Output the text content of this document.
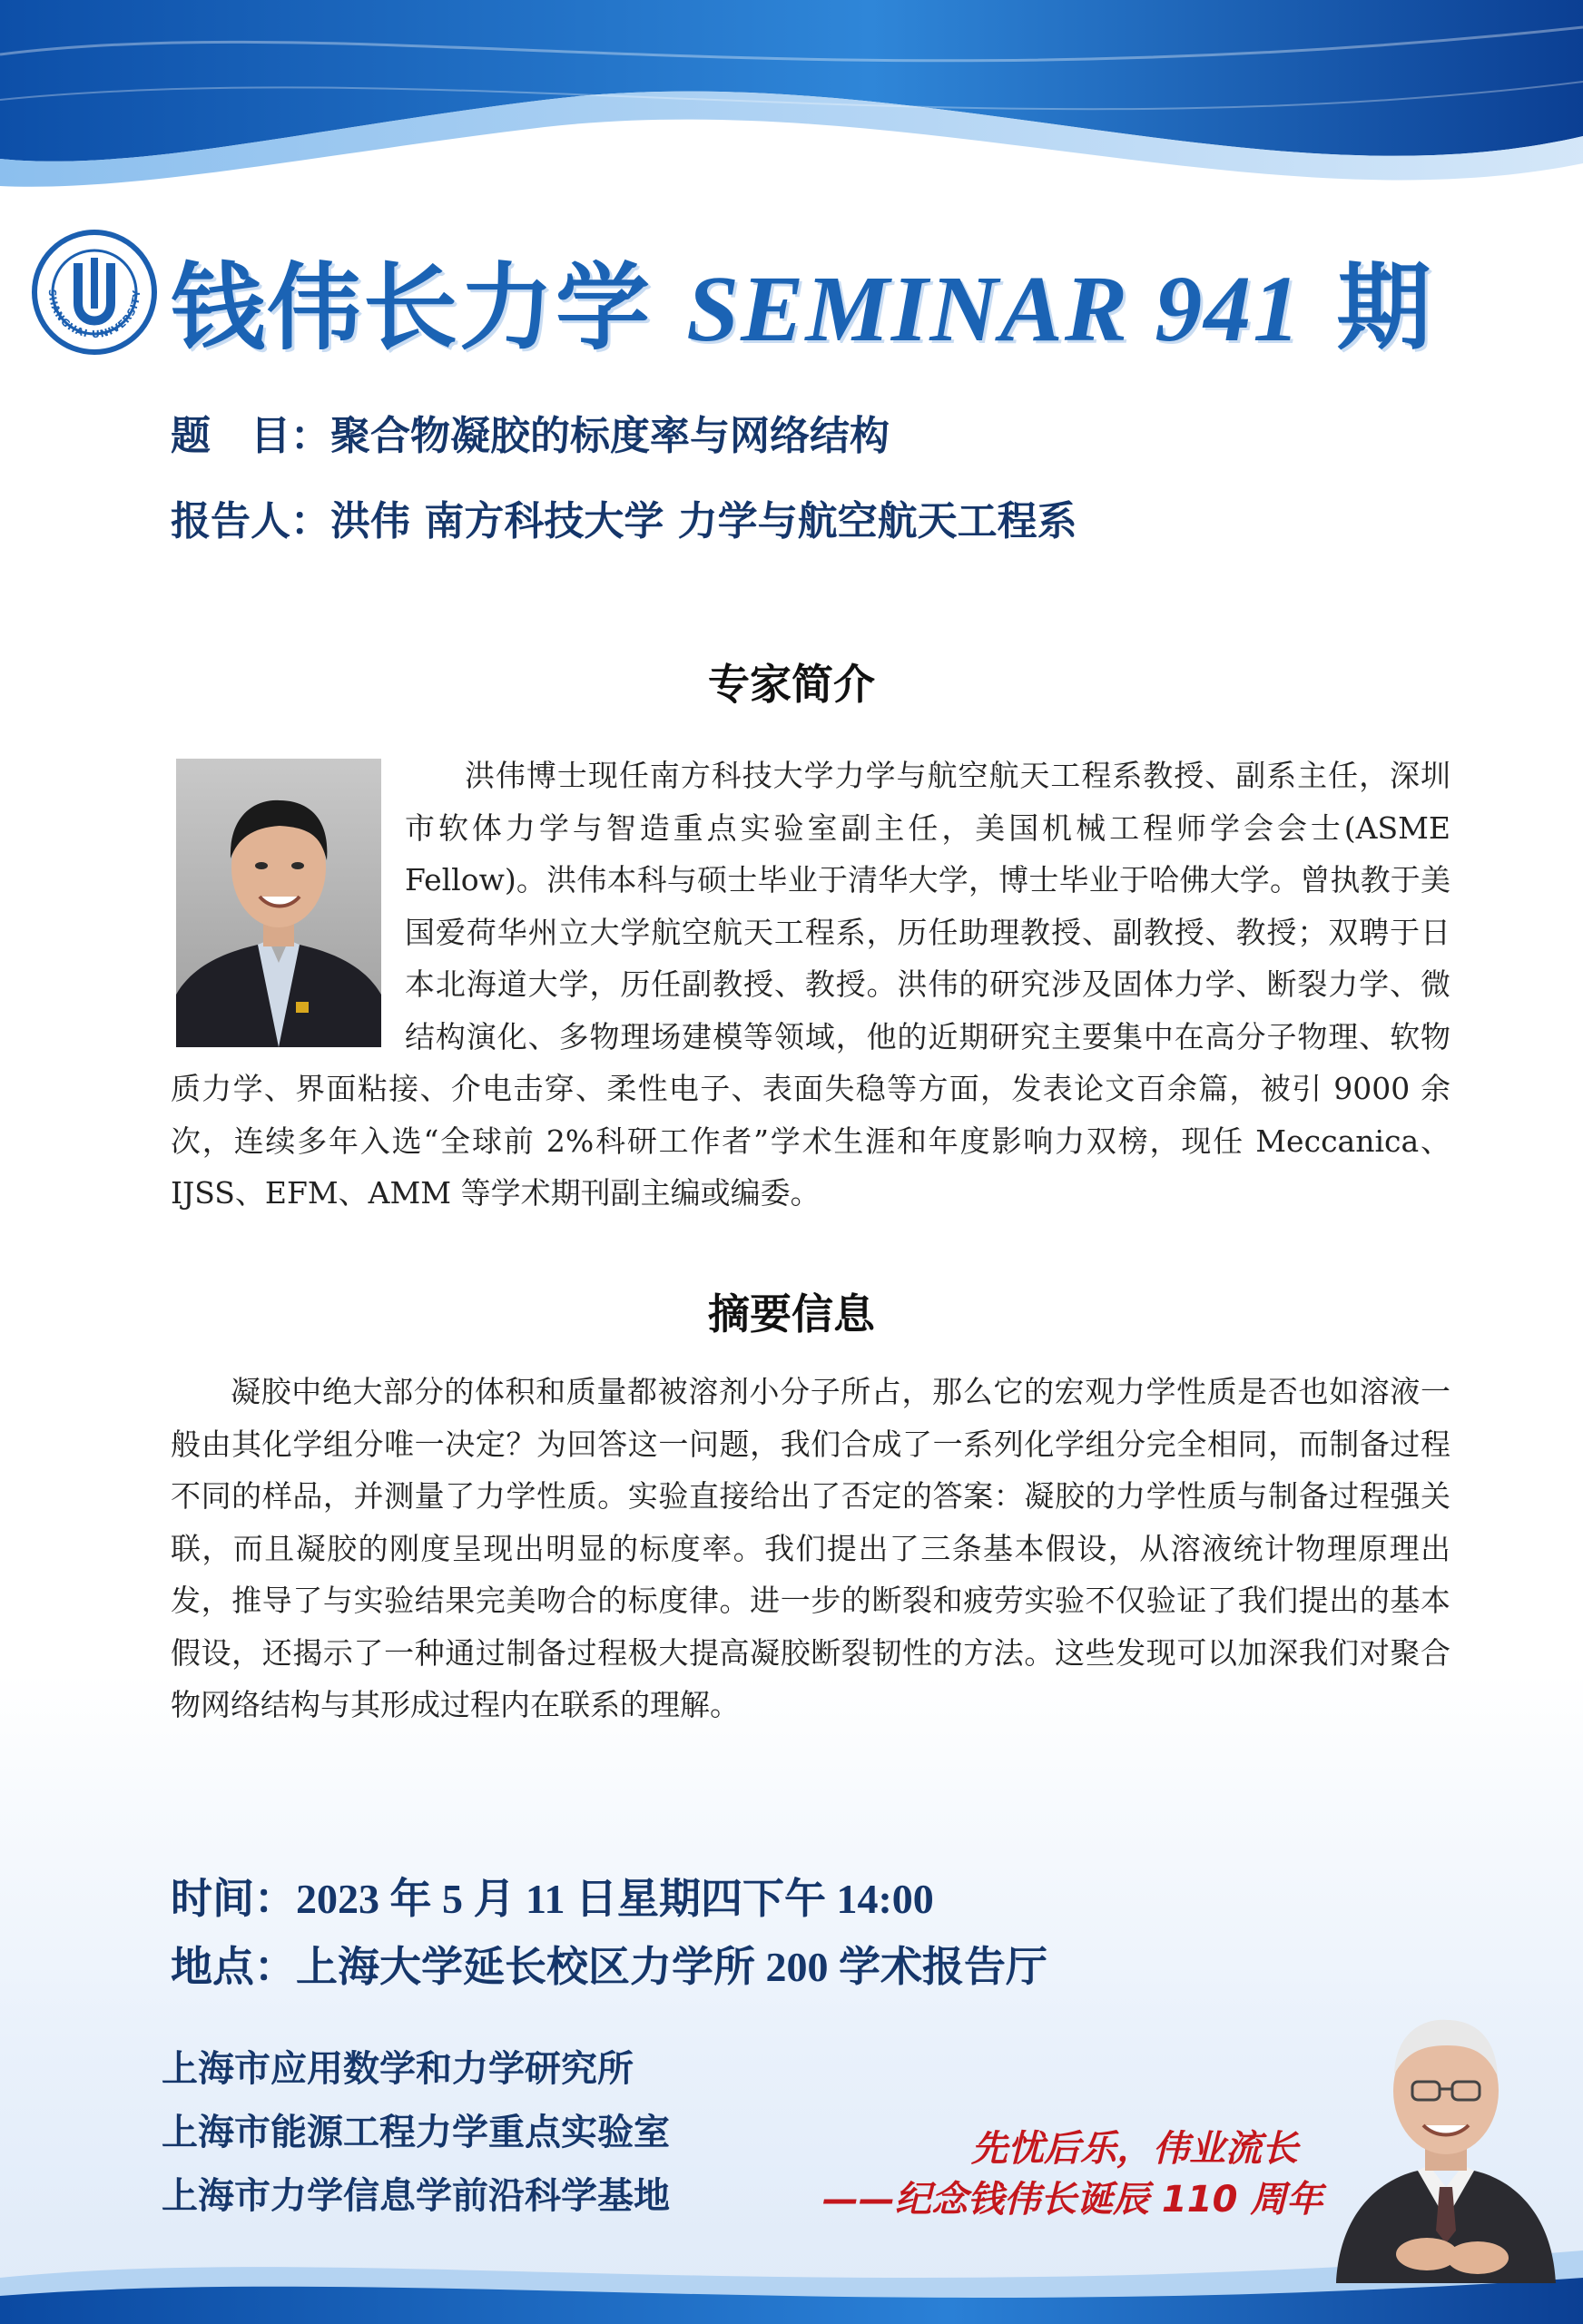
SHANGHAI UNIVERSITY 钱伟长力学 SEMINAR 941 期

题　目：聚合物凝胶的标度率与网络结构

报告人：洪伟 南方科技大学 力学与航空航天工程系

专家简介

洪伟博士现任南方科技大学力学与航空航天工程系教授、副系主任，深圳市软体力学与智造重点实验室副主任，美国机械工程师学会会士(ASME Fellow)。洪伟本科与硕士毕业于清华大学，博士毕业于哈佛大学。曾执教于美国爱荷华州立大学航空航天工程系，历任助理教授、副教授、教授；双聘于日本北海道大学，历任副教授、教授。洪伟的研究涉及固体力学、断裂力学、微结构演化、多物理场建模等领域，他的近期研究主要集中在高分子物理、软物质力学、界面粘接、介电击穿、柔性电子、表面失稳等方面，发表论文百余篇，被引 9000 余次，连续多年入选“全球前 2%科研工作者”学术生涯和年度影响力双榜，现任 Meccanica、IJSS、EFM、AMM 等学术期刊副主编或编委。

摘要信息

凝胶中绝大部分的体积和质量都被溶剂小分子所占，那么它的宏观力学性质是否也如溶液一般由其化学组分唯一决定？为回答这一问题，我们合成了一系列化学组分完全相同，而制备过程不同的样品，并测量了力学性质。实验直接给出了否定的答案：凝胶的力学性质与制备过程强关联，而且凝胶的刚度呈现出明显的标度率。我们提出了三条基本假设，从溶液统计物理原理出发，推导了与实验结果完美吻合的标度律。进一步的断裂和疲劳实验不仅验证了我们提出的基本假设，还揭示了一种通过制备过程极大提高凝胶断裂韧性的方法。这些发现可以加深我们对聚合物网络结构与其形成过程内在联系的理解。

时间：2023 年 5 月 11 日星期四下午 14:00

地点：上海大学延长校区力学所 200 学术报告厅

上海市应用数学和力学研究所

上海市能源工程力学重点实验室

上海市力学信息学前沿科学基地

先忧后乐，伟业流长

——纪念钱伟长诞辰 110 周年
